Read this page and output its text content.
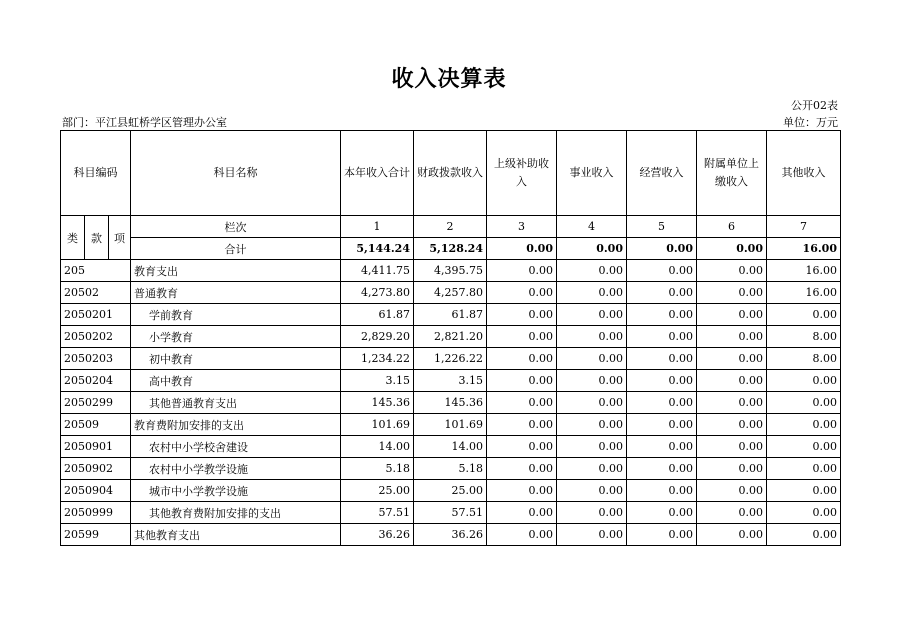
收入决算表
公开02表
部门：平江县虹桥学区管理办公室	单位：万元
科目编码			科目名称	本年收入合计	财政拨款收入	上级补助收入	事业收入	经营收入	附属单位上缴收入	其他收入
类	款	项	栏次	1	2	3	4	5	6	7
			合计	5,144.24	5,128.24	0.00	0.00	0.00	0.00	16.00
205			教育支出	4,411.75	4,395.75	0.00	0.00	0.00	0.00	16.00
20502			普通教育	4,273.80	4,257.80	0.00	0.00	0.00	0.00	16.00
2050201			学前教育	61.87	61.87	0.00	0.00	0.00	0.00	0.00
2050202			小学教育	2,829.20	2,821.20	0.00	0.00	0.00	0.00	8.00
2050203			初中教育	1,234.22	1,226.22	0.00	0.00	0.00	0.00	8.00
2050204			高中教育	3.15	3.15	0.00	0.00	0.00	0.00	0.00
2050299			其他普通教育支出	145.36	145.36	0.00	0.00	0.00	0.00	0.00
20509			教育费附加安排的支出	101.69	101.69	0.00	0.00	0.00	0.00	0.00
2050901			农村中小学校舍建设	14.00	14.00	0.00	0.00	0.00	0.00	0.00
2050902			农村中小学教学设施	5.18	5.18	0.00	0.00	0.00	0.00	0.00
2050904			城市中小学教学设施	25.00	25.00	0.00	0.00	0.00	0.00	0.00
2050999			其他教育费附加安排的支出	57.51	57.51	0.00	0.00	0.00	0.00	0.00
20599			其他教育支出	36.26	36.26	0.00	0.00	0.00	0.00	0.00
